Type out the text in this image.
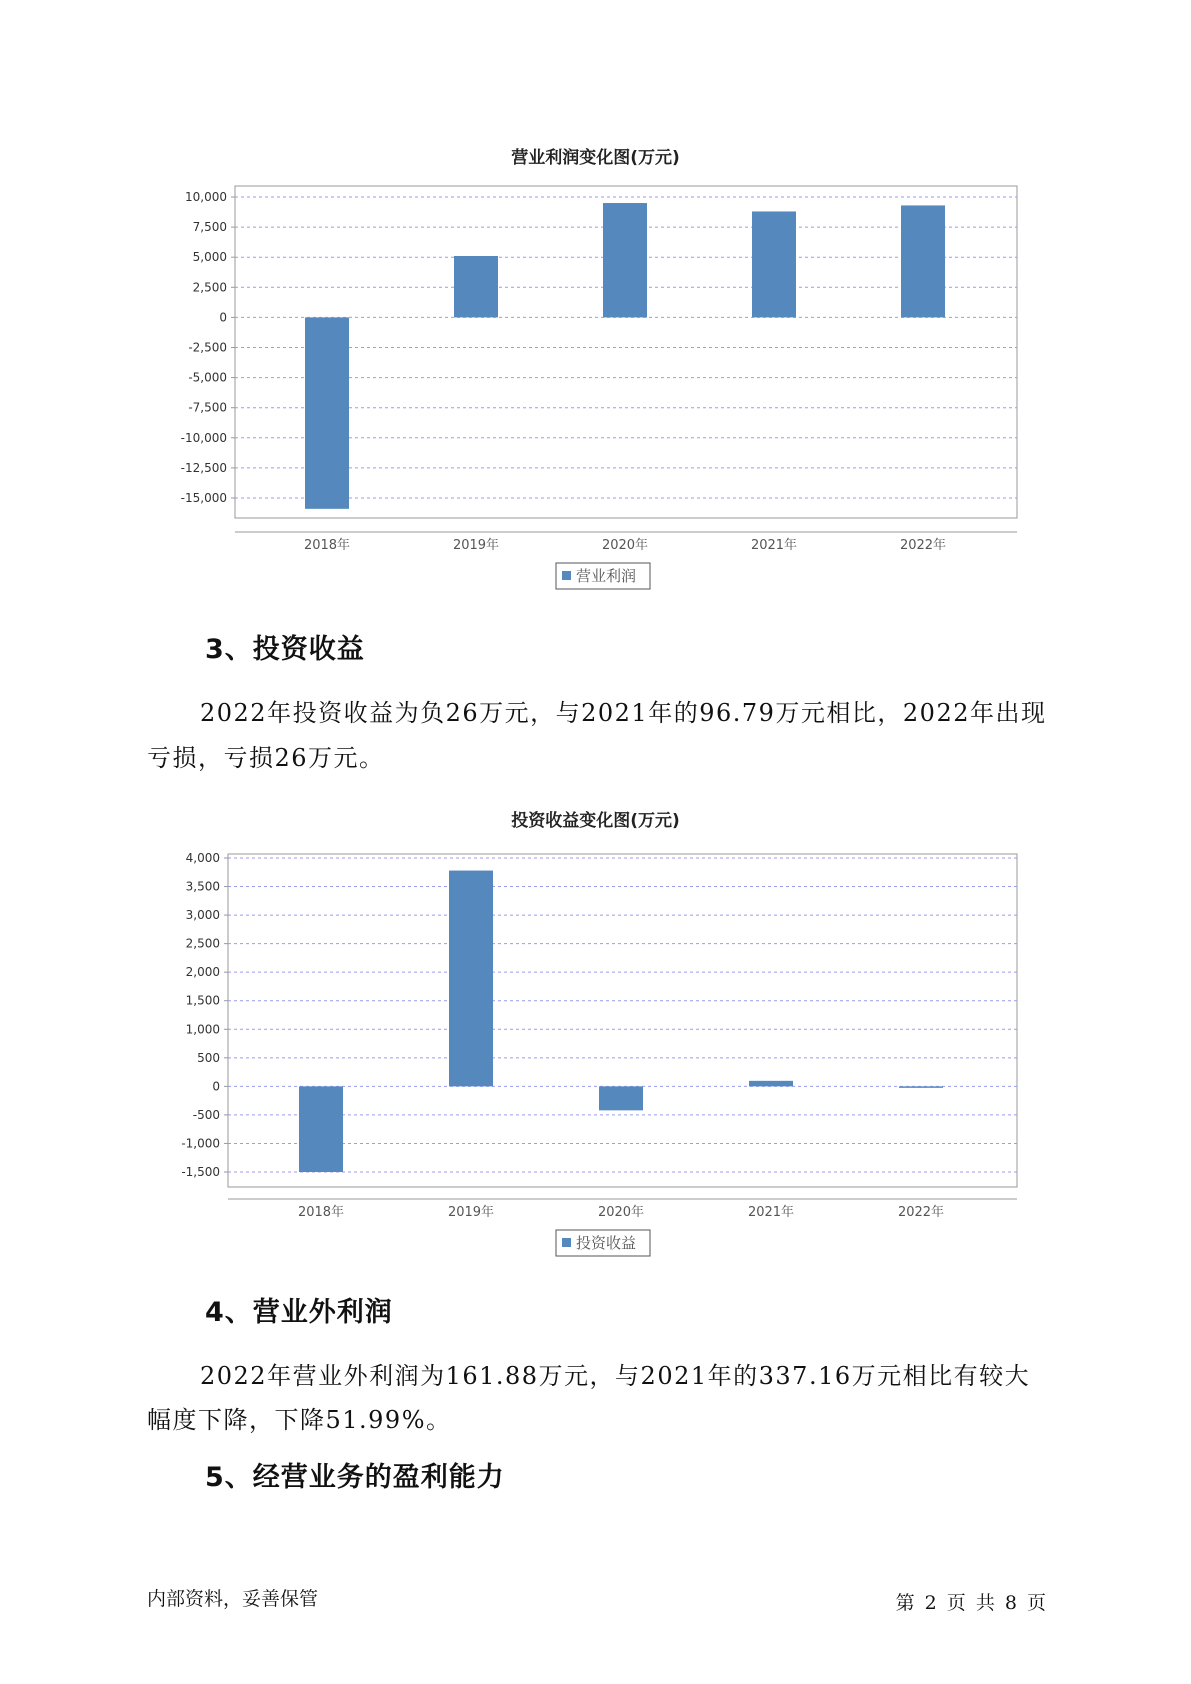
营业利润变化图(万元)
10,000
7,500
5,000
2,500
0
-2,500
-5,000
-7,500
-10,000
-12,500
-15,000
2018年	2019年	2020年	2021年	2022年
营业利润
3、投资收益
2022年投资收益为负26万元，与2021年的96.79万元相比，2022年出现
亏损，亏损26万元。
投资收益变化图(万元)
4,000
3,500
3,000
2,500
2,000
1,500
1,000
500
0
-500
-1,000
-1,500
2018年	2019年	2020年	2021年	2022年
投资收益
4、营业外利润
2022年营业外利润为161.88万元，与2021年的337.16万元相比有较大
幅度下降，下降51.99%。
5、经营业务的盈利能力
内部资料，妥善保管	第 2 页 共 8 页
